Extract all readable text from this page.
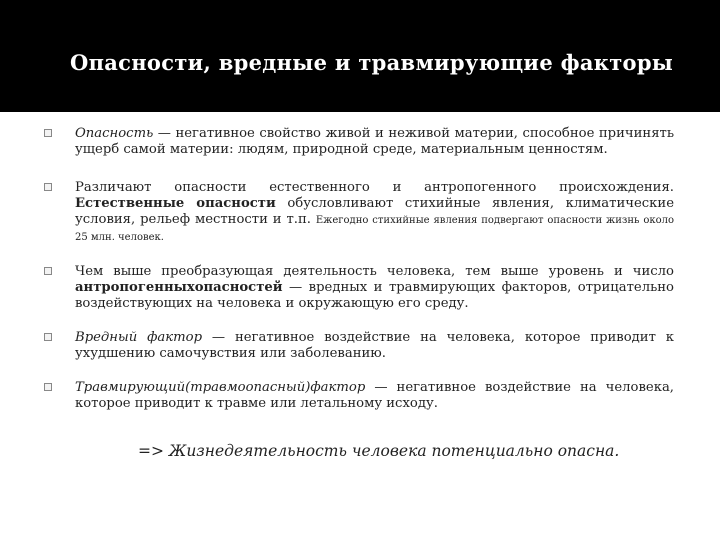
Опасности, вредные и травмирующие факторы
Опасность — негативное свойство живой и неживой материи, способное причинять ущерб самой материи: людям, природной среде, материальным ценностям.
Различают опасности естественного и антропогенного происхождения. Естественные опасности обусловливают стихийные явления, климатические условия, рельеф местности и т.п. Ежегодно стихийные явления подвергают опасности жизнь около 25 млн. человек.
Чем выше преобразующая деятельность человека, тем выше уровень и число антропогенныхопасностей — вредных и травмирующих факторов, отрицательно воздействующих на человека и окружающую его среду.
Вредный фактор — негативное воздействие на человека, которое приводит к ухудшению самочувствия или заболеванию.
Травмирующий(травмоопасный)фактор — негативное воздействие на человека, которое приводит к травме или летальному исходу.
=> Жизнедеятельность человека потенциально опасна.
